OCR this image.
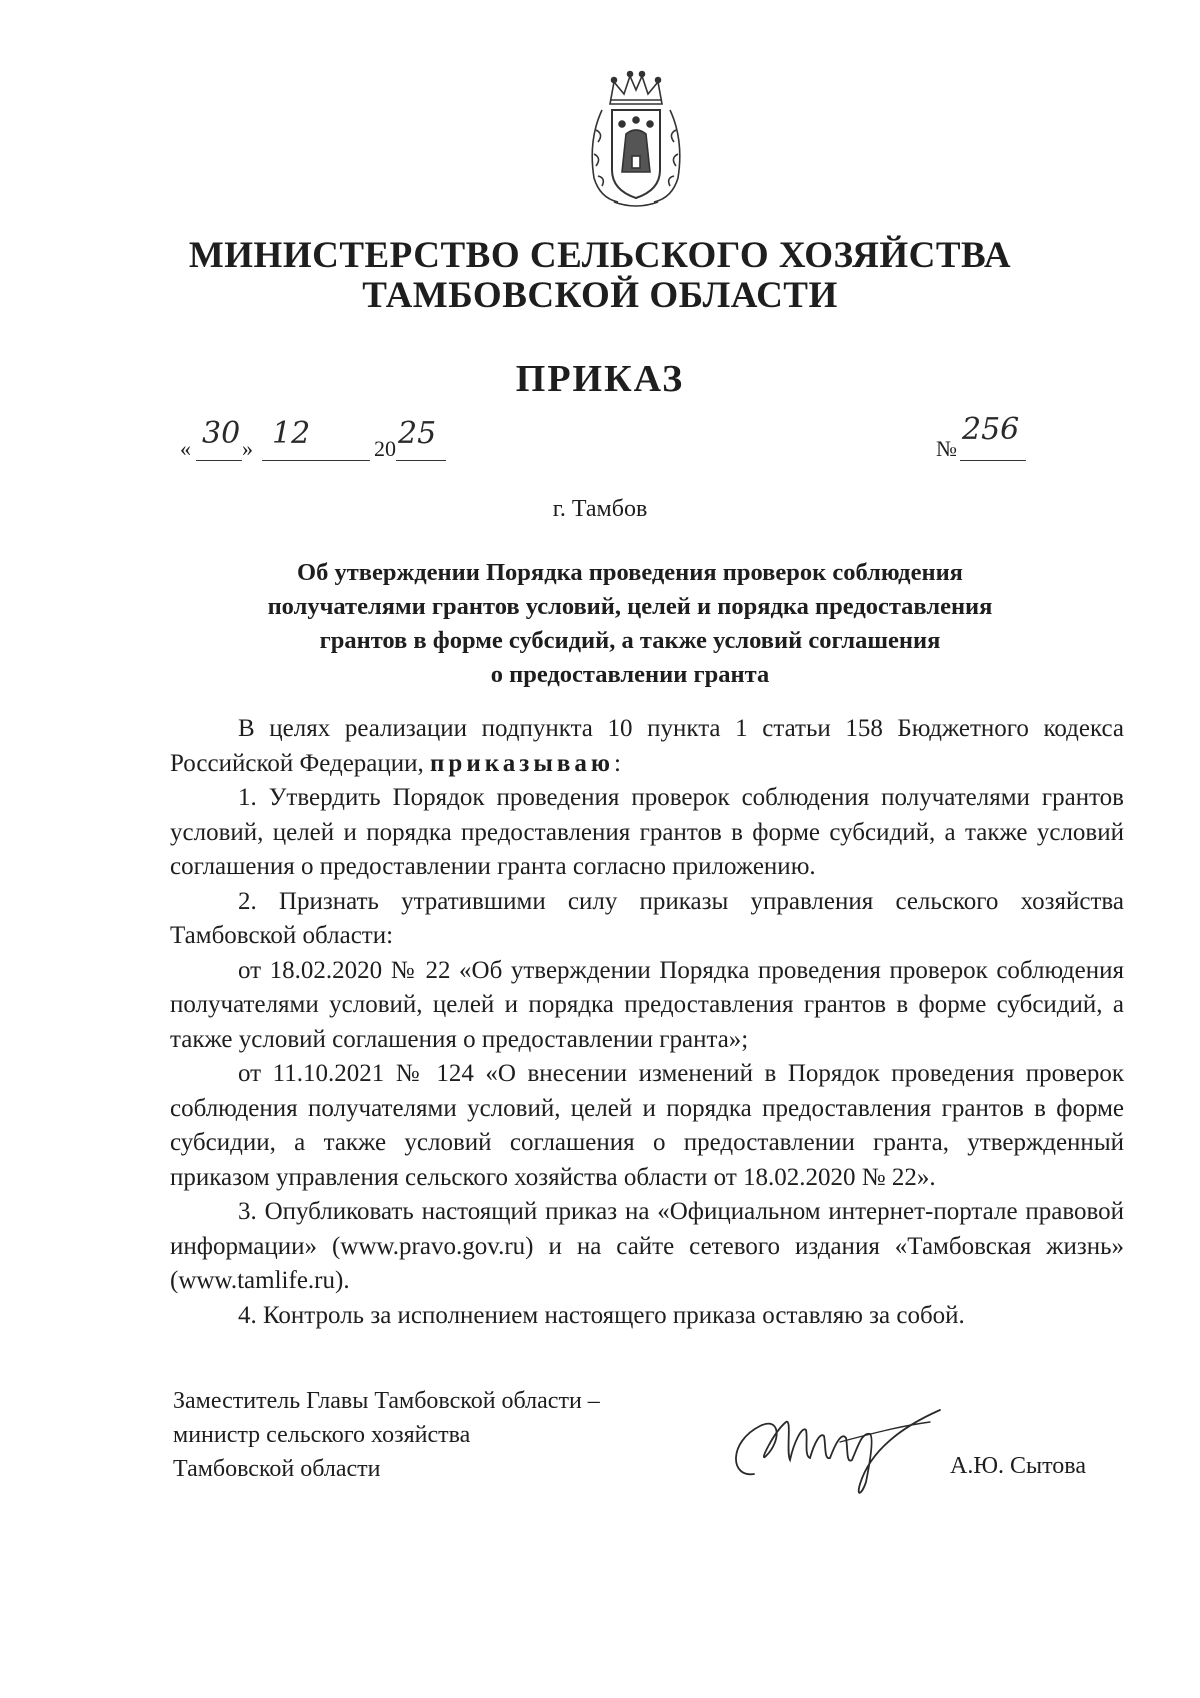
МИНИСТЕРСТВО СЕЛЬСКОГО ХОЗЯЙСТВА
ТАМБОВСКОЙ ОБЛАСТИ
ПРИКАЗ
« 30 » 12	20 25	№
256
г. Тамбов
Об утверждении Порядка проведения проверок соблюдения
получателями грантов условий, целей и порядка предоставления
грантов в форме субсидий, а также условий соглашения
о предоставлении гранта

В целях реализации подпункта 10 пункта 1 статьи 158 Бюджетного кодекса Российской Федерации, приказываю:

1. Утвердить Порядок проведения проверок соблюдения получателями грантов условий, целей и порядка предоставления грантов в форме субсидий, а также условий соглашения о предоставлении гранта согласно приложению.

2. Признать утратившими силу приказы управления сельского хозяйства Тамбовской области:

от 18.02.2020 № 22 «Об утверждении Порядка проведения проверок соблюдения получателями условий, целей и порядка предоставления грантов в форме субсидий, а также условий соглашения о предоставлении гранта»;

от 11.10.2021 № 124 «О внесении изменений в Порядок проведения проверок соблюдения получателями условий, целей и порядка предоставления грантов в форме субсидии, а также условий соглашения о предоставлении гранта, утвержденный приказом управления сельского хозяйства области от 18.02.2020 № 22».

3. Опубликовать настоящий приказ на «Официальном интернет-портале правовой информации» (www.pravo.gov.ru) и на сайте сетевого издания «Тамбовская жизнь» (www.tamlife.ru).

4. Контроль за исполнением настоящего приказа оставляю за собой.

Заместитель Главы Тамбовской области –
министр сельского хозяйства
Тамбовской области	А.Ю. Сытова
